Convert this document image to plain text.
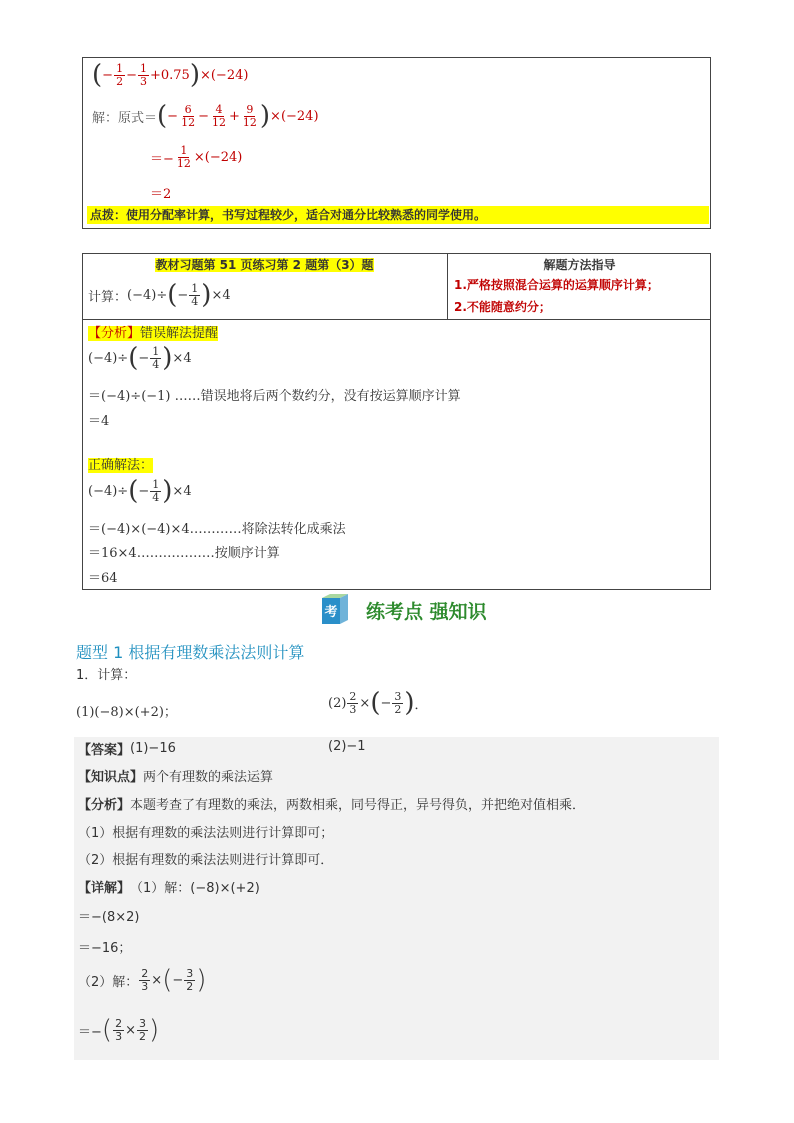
( − $\frac{1}{2} - \frac{1}{3} +0.75$ ) ×(−24)
解：原式＝ ( − $\frac{6}{12} - \frac{4}{12} + \frac{9}{12}$ ) ×(−24)
＝− $\frac{1}{12} \times(-24)$
＝2
点拨：使用分配率计算，书写过程较少，适合对通分比较熟悉的同学使用。
教材习题第 51 页练习第 2 题第（3）题
计算： (−4)÷ ( − $\frac{1}{4}$ ) ×4
解题方法指导
1.严格按照混合运算的运算顺序计算；
2.不能随意约分；
【分析】错误解法提醒
(−4)÷ ( − $\frac{1}{4}$ ) ×4
＝(−4)÷(−1) ……错误地将后两个数约分，没有按运算顺序计算
＝4
正确解法：
(−4)÷ ( − $\frac{1}{4}$ ) ×4
＝(−4)×(−4)×4…………将除法转化成乘法
＝16×4………………按顺序计算
＝64
考 练考点 强知识
题型 1 根据有理数乘法法则计算
1．计算：
(1)(−8)×(+2)；
$(2) \frac{2}{3}$ × ( − $\frac{3}{2}$ ) ．
【答案】 (1)−16	(2)−1
【知识点】 两个有理数的乘法运算
【分析】 本题考查了有理数的乘法，两数相乘，同号得正，异号得负，并把绝对值相乘．
（1）根据有理数的乘法法则进行计算即可；
（2）根据有理数的乘法法则进行计算即可．
【详解】 （1）解：(−8)×(+2)
＝−(8×2)
＝−16；
（2）解： $\frac{2}{3}$ × ( − $\frac{3}{2}$ )
＝− ( $\frac{2}{3} \times \frac{3}{2}$ )
